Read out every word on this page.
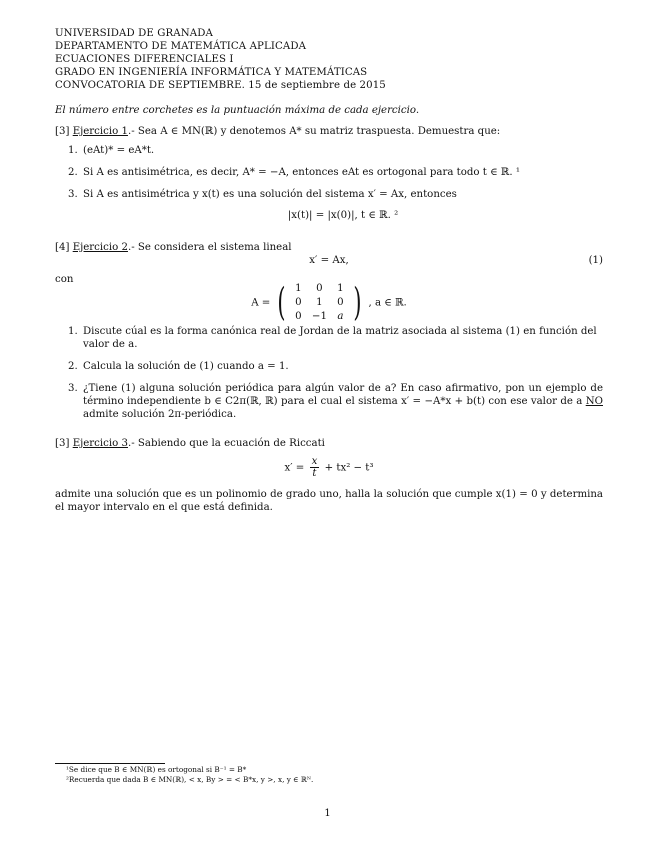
UNIVERSIDAD DE GRANADA
DEPARTAMENTO DE MATEMÁTICA APLICADA
ECUACIONES DIFERENCIALES I
GRADO EN INGENIERÍA INFORMÁTICA Y MATEMÁTICAS
CONVOCATORIA DE SEPTIEMBRE. 15 de septiembre de 2015
El número entre corchetes es la puntuación máxima de cada ejercicio.
[3] Ejercicio 1.- Sea A ∈ MN(ℝ) y denotemos A* su matriz traspuesta. Demuestra que:
1. (eAt)* = eA*t.
2. Si A es antisimétrica, es decir, A* = −A, entonces eAt es ortogonal para todo t ∈ ℝ. ¹
3. Si A es antisimétrica y x(t) es una solución del sistema x′ = Ax, entonces
|x(t)| = |x(0)|, t ∈ ℝ. ²
[4] Ejercicio 2.- Se considera el sistema lineal
x′ = Ax,	(1)
con
A = ( 1	0	1
0	1	0
0	−1	a ) , a ∈ ℝ.
1. Discute cúal es la forma canónica real de Jordan de la matriz asociada al sistema (1) en función del valor de a.
2. Calcula la solución de (1) cuando a = 1.
3. ¿Tiene (1) alguna solución periódica para algún valor de a? En caso afirmativo, pon un ejemplo de término independiente b ∈ C2π(ℝ, ℝ) para el cual el sistema x′ = −A*x + b(t) con ese valor de a NO admite solución 2π-periódica.
[3] Ejercicio 3.- Sabiendo que la ecuación de Riccati
$x' = \frac{x}{t} + tx^2 - t^3$
admite una solución que es un polinomio de grado uno, halla la solución que cumple x(1) = 0 y determina el mayor intervalo en el que está definida.
¹Se dice que B ∈ MN(ℝ) es ortogonal si B⁻¹ = B*
²Recuerda que dada B ∈ MN(ℝ), < x, By > = < B*x, y >, x, y ∈ ℝᴺ.
1
